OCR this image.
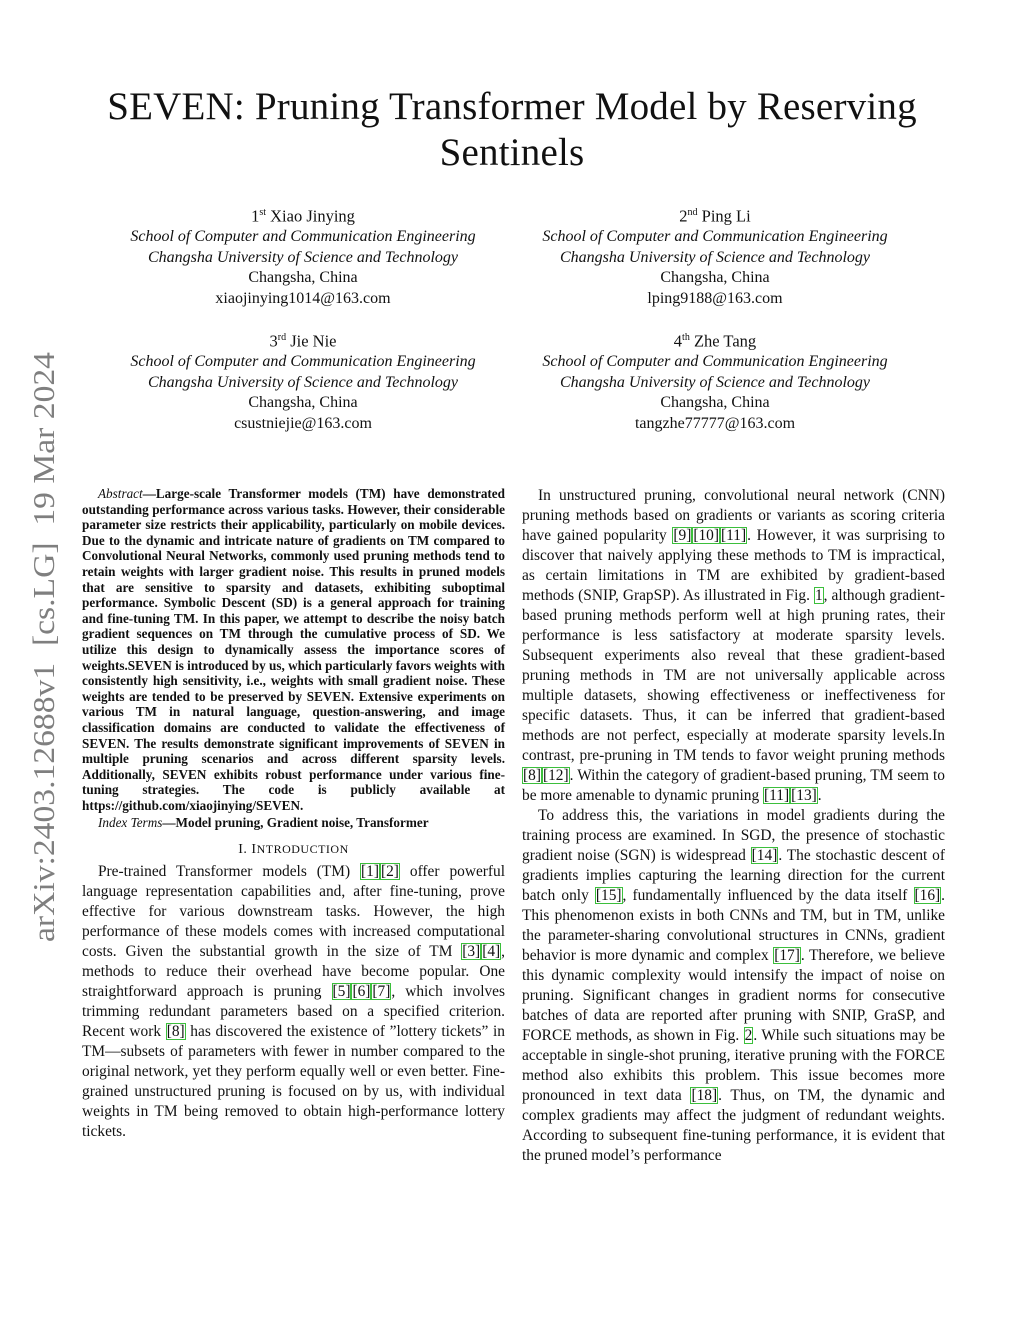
SEVEN: Pruning Transformer Model by Reserving
Sentinels
1st Xiao Jinying
School of Computer and Communication Engineering
Changsha University of Science and Technology
Changsha, China
xiaojinying1014@163.com
2nd Ping Li
School of Computer and Communication Engineering
Changsha University of Science and Technology
Changsha, China
lping9188@163.com
3rd Jie Nie
School of Computer and Communication Engineering
Changsha University of Science and Technology
Changsha, China
csustniejie@163.com
4th Zhe Tang
School of Computer and Communication Engineering
Changsha University of Science and Technology
Changsha, China
tangzhe77777@163.com
arXiv:2403.12688v1  [cs.LG]  19 Mar 2024	Abstract—Large-scale Transformer models (TM) have demonstrated outstanding performance across various tasks. However, their considerable parameter size restricts their applicability, particularly on mobile devices. Due to the dynamic and intricate nature of gradients on TM compared to Convolutional Neural Networks, commonly used pruning methods tend to retain weights with larger gradient noise. This results in pruned models that are sensitive to sparsity and datasets, exhibiting suboptimal performance. Symbolic Descent (SD) is a general approach for training and fine-tuning TM. In this paper, we attempt to describe the noisy batch gradient sequences on TM through the cumulative process of SD. We utilize this design to dynamically assess the importance scores of weights.SEVEN is introduced by us, which particularly favors weights with consistently high sensitivity, i.e., weights with small gradient noise. These weights are tended to be preserved by SEVEN. Extensive experiments on various TM in natural language, question-answering, and image classification domains are conducted to validate the effectiveness of SEVEN. The results demonstrate significant improvements of SEVEN in multiple pruning scenarios and across different sparsity levels. Additionally, SEVEN exhibits robust performance under various fine-tuning strategies. The code is publicly available at https://github.com/xiaojinying/SEVEN.

Index Terms—Model pruning, Gradient noise, Transformer

I. INTRODUCTION

Pre-trained Transformer models (TM) [1] [2] offer powerful language representation capabilities and, after fine-tuning, prove effective for various downstream tasks. However, the high performance of these models comes with increased computational costs. Given the substantial growth in the size of TM [3] [4], methods to reduce their overhead have become popular. One straightforward approach is pruning [5] [6] [7], which involves trimming redundant parameters based on a specified criterion. Recent work [8] has discovered the existence of ”lottery tickets” in TM—subsets of parameters with fewer in number compared to the original network, yet they perform equally well or even better. Fine-grained unstructured pruning is focused on by us, with individual weights in TM being removed to obtain high-performance lottery tickets.

In unstructured pruning, convolutional neural network (CNN) pruning methods based on gradients or variants as scoring criteria have gained popularity [9] [10] [11]. However, it was surprising to discover that naively applying these methods to TM is impractical, as certain limitations in TM are exhibited by gradient-based methods (SNIP, GrapSP). As illustrated in Fig. 1, although gradient-based pruning methods perform well at high pruning rates, their performance is less satisfactory at moderate sparsity levels. Subsequent experiments also reveal that these gradient-based pruning methods in TM are not universally applicable across multiple datasets, showing effectiveness or ineffectiveness for specific datasets. Thus, it can be inferred that gradient-based methods are not perfect, especially at moderate sparsity levels.In contrast, pre-pruning in TM tends to favor weight pruning methods [8] [12]. Within the category of gradient-based pruning, TM seem to be more amenable to dynamic pruning [11] [13].

To address this, the variations in model gradients during the training process are examined. In SGD, the presence of stochastic gradient noise (SGN) is widespread [14]. The stochastic descent of gradients implies capturing the learning direction for the current batch only [15], fundamentally influenced by the data itself [16]. This phenomenon exists in both CNNs and TM, but in TM, unlike the parameter-sharing convolutional structures in CNNs, gradient behavior is more dynamic and complex [17]. Therefore, we believe this dynamic complexity would intensify the impact of noise on pruning. Significant changes in gradient norms for consecutive batches of data are reported after pruning with SNIP, GraSP, and FORCE methods, as shown in Fig. 2. While such situations may be acceptable in single-shot pruning, iterative pruning with the FORCE method also exhibits this problem. This issue becomes more pronounced in text data [18]. Thus, on TM, the dynamic and complex gradients may affect the judgment of redundant weights. According to subsequent fine-tuning performance, it is evident that the pruned model’s performance
